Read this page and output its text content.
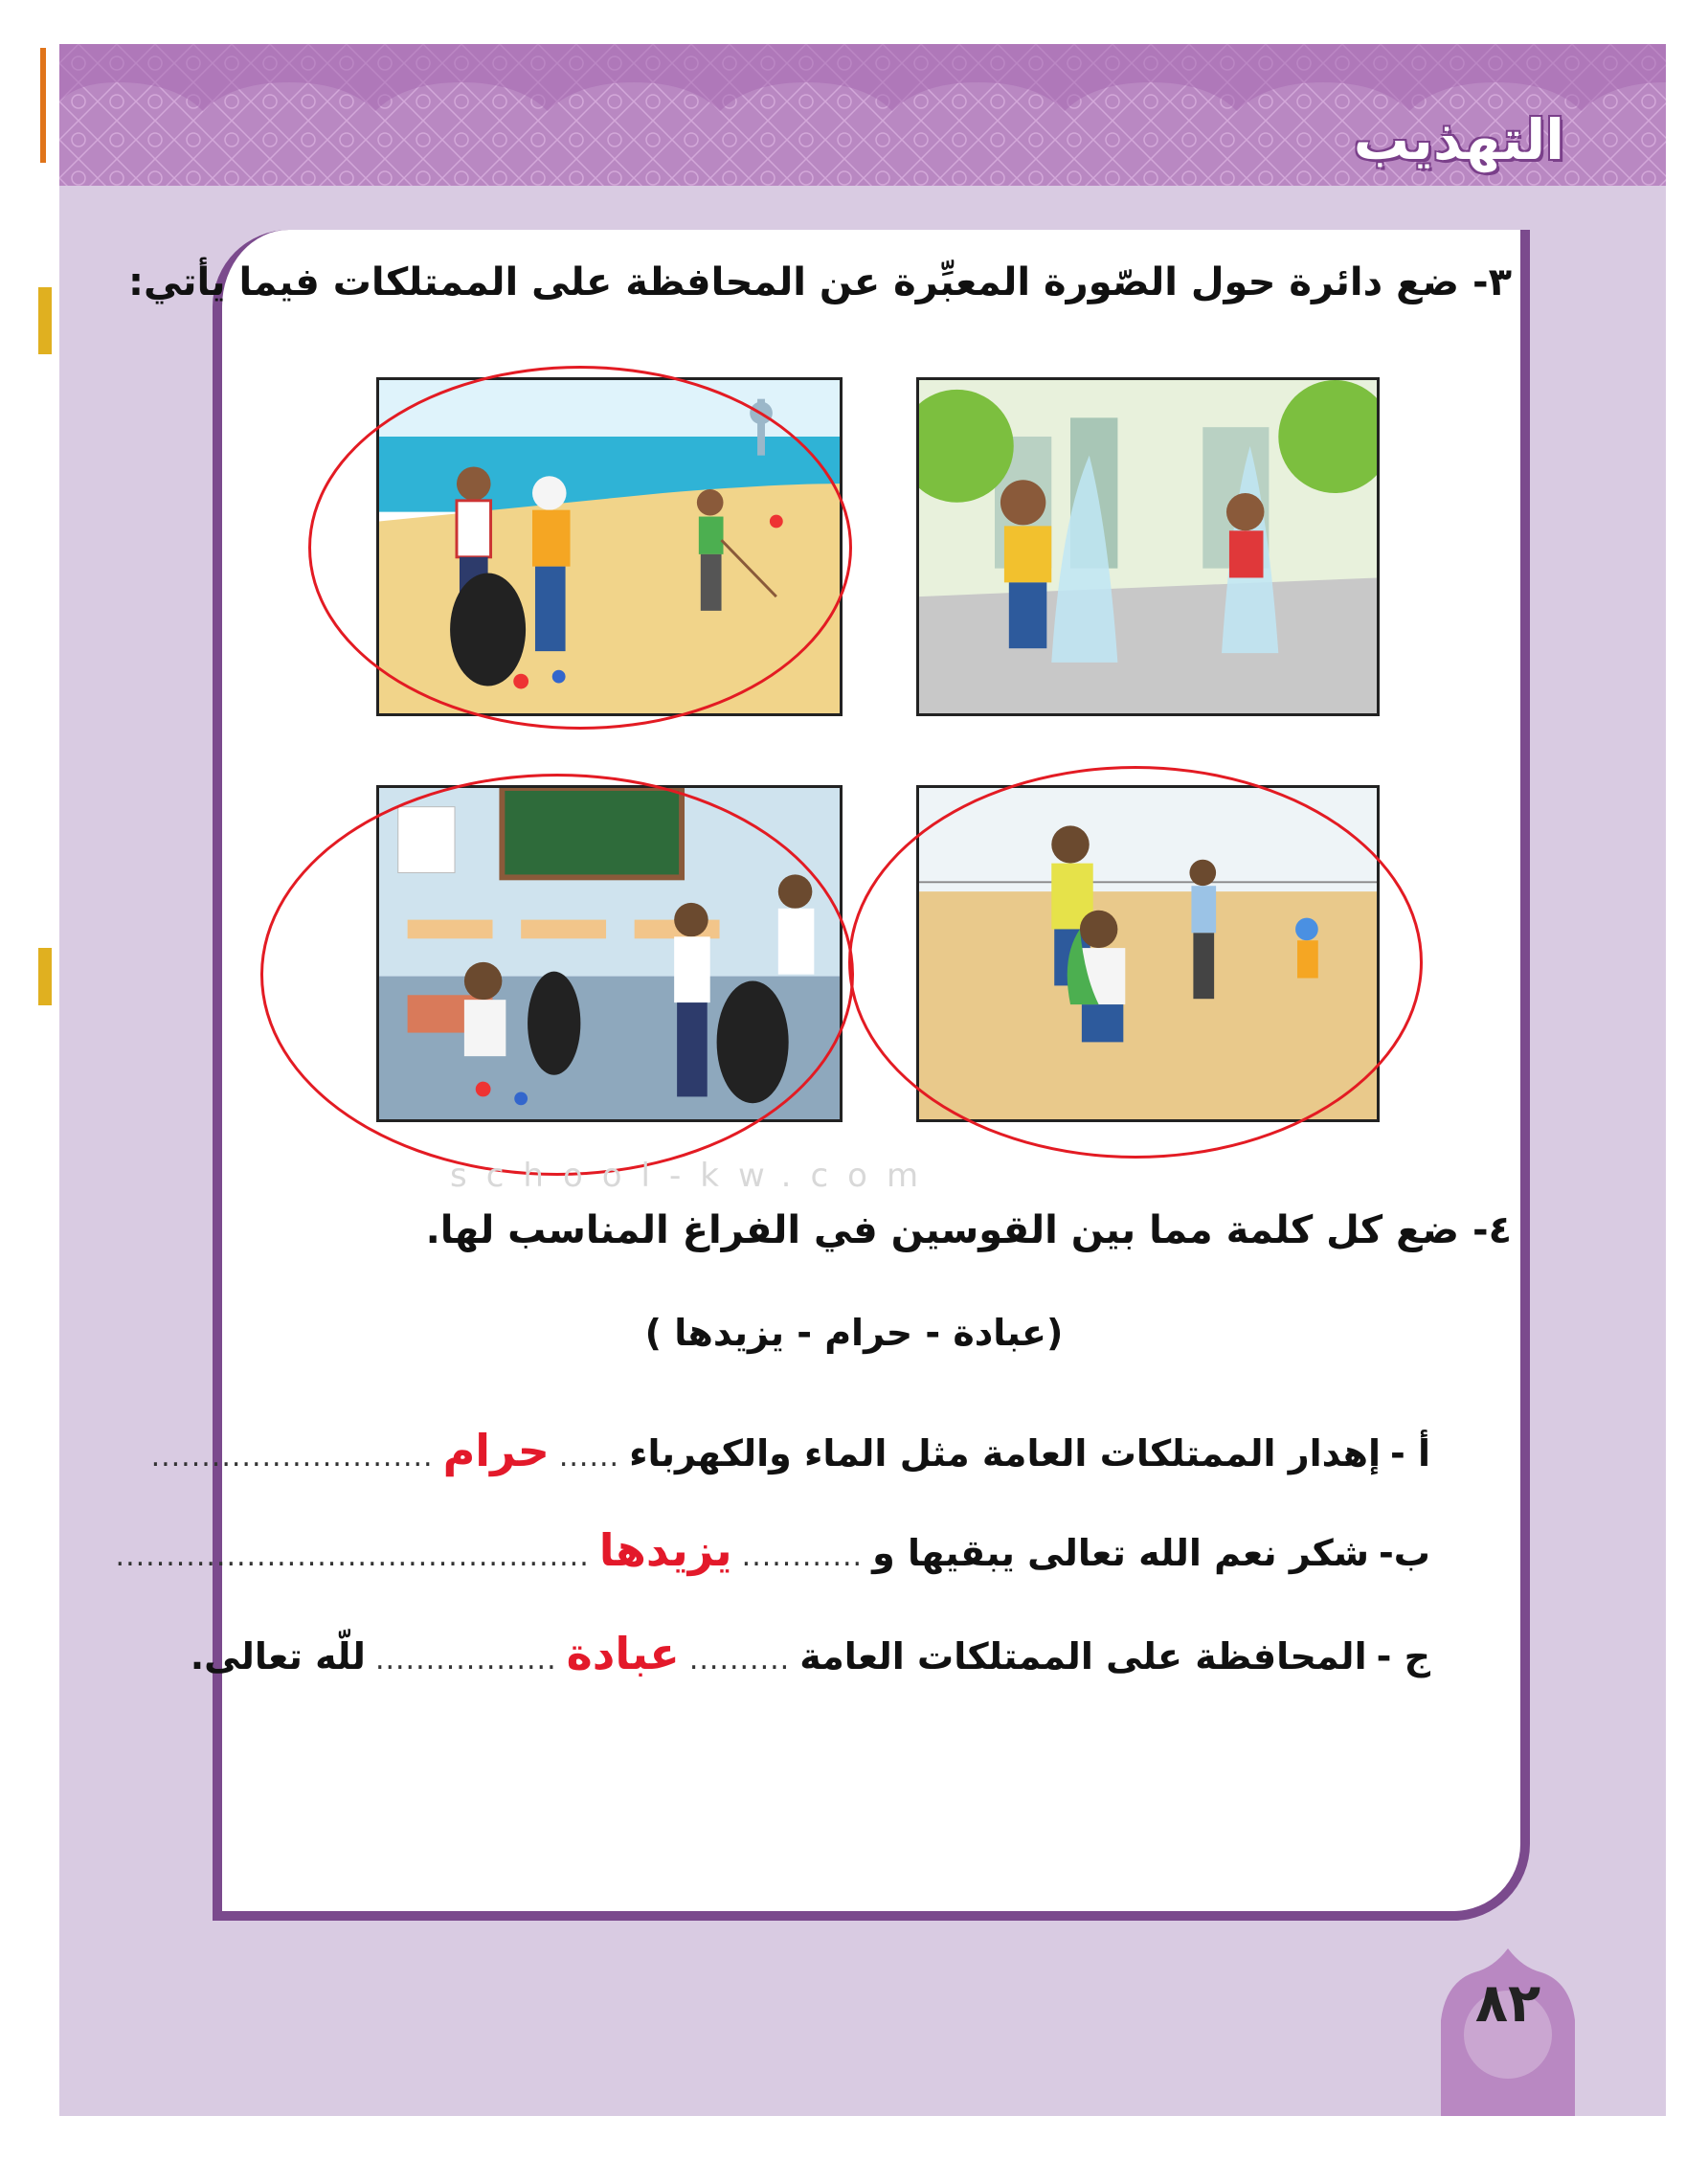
التهذيب
٣- ضع دائرة حول الصّورة المعبِّرة عن المحافظة على الممتلكات فيما يأتي:
school-kw.com
٤- ضع كل كلمة مما بين القوسين في الفراغ المناسب لها.
(عبادة - حرام - يزيدها )
أ -
إهدار الممتلكات العامة مثل الماء والكهرباء
......
حرام
............................
ب-
شكر نعم الله تعالى يبقيها و
............
يزيدها
...............................................
ج -
المحافظة على الممتلكات العامة
..........
عبادة
..................
للّه تعالى.
٨٢
